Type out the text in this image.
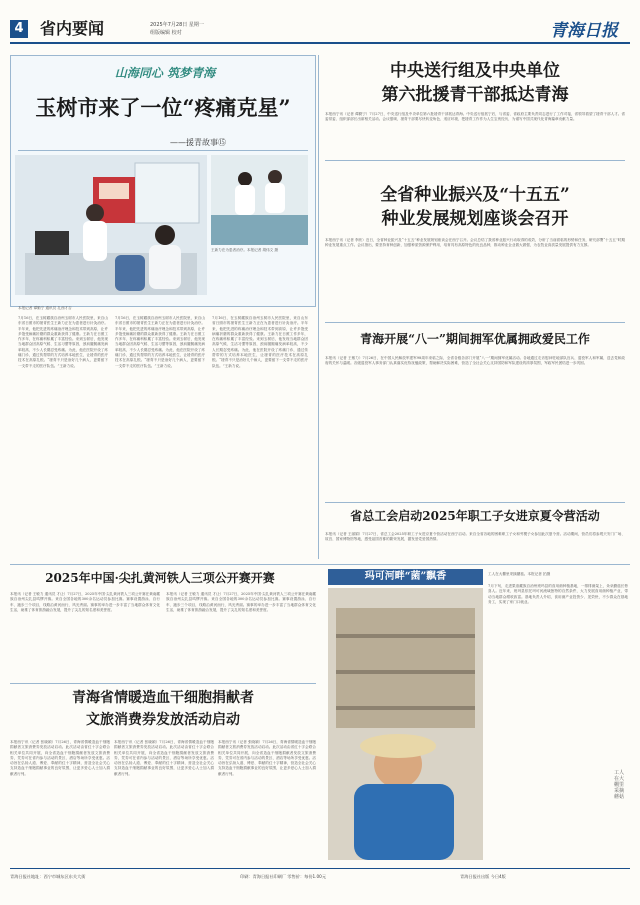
4 省内要闻	2025年7月28日 星期一
组版编辑 校对	青海日报
山海同心 筑梦青海
玉树市来了一位“疼痛克星”
——援青故事⑮
王新力在为患者治疗。本报记者 胡伟文 摄
本报记者 谭勤宁 通讯员 扎西才吉
7月16日，在玉树藏族自治州玉树市人民医院里，来自山东省日照市的援青医生王新力正在为患者进行针灸治疗。半年来，他把先进的疼痛治疗理念和技术带到高原，让许多饱受病痛折磨的群众重新获得了健康。王新力在日照工作多年，在疼痛科积累了丰富经验。来到玉树后，他发现当地群众因高原气候、生活习惯等原因，颈肩腰腿痛发病率较高，不少人长期忍受疼痛。为此，他在医院开设了疼痛门诊，通过传帮带的方式培养本地医生，让援青的医疗技术在高原扎根。“援青不只是治好几个病人，更要留下一支带不走的医疗队伍。”王新力说。
7月16日，在玉树藏族自治州玉树市人民医院里，来自山东省日照市的援青医生王新力正在为患者进行针灸治疗。半年来，他把先进的疼痛治疗理念和技术带到高原，让许多饱受病痛折磨的群众重新获得了健康。王新力在日照工作多年，在疼痛科积累了丰富经验。来到玉树后，他发现当地群众因高原气候、生活习惯等原因，颈肩腰腿痛发病率较高，不少人长期忍受疼痛。为此，他在医院开设了疼痛门诊，通过传帮带的方式培养本地医生，让援青的医疗技术在高原扎根。“援青不只是治好几个病人，更要留下一支带不走的医疗队伍。”王新力说。
7月16日，在玉树藏族自治州玉树市人民医院里，来自山东省日照市的援青医生王新力正在为患者进行针灸治疗。半年来，他把先进的疼痛治疗理念和技术带到高原，让许多饱受病痛折磨的群众重新获得了健康。王新力在日照工作多年，在疼痛科积累了丰富经验。来到玉树后，他发现当地群众因高原气候、生活习惯等原因，颈肩腰腿痛发病率较高，不少人长期忍受疼痛。为此，他在医院开设了疼痛门诊，通过传帮带的方式培养本地医生，让援青的医疗技术在高原扎根。“援青不只是治好几个病人，更要留下一支带不走的医疗队伍。”王新力说。
中央送行组及中央单位
第六批援青干部抵达青海
本报西宁讯（记者 谭勤宁）7月27日，中央送行组及中央单位第六批援青干部抵达青海。中央送行组抵宁后，与省委、省政府主要负责同志进行了工作对接，省领导看望了援青干部人才。省委常委、组织部部长出席相关活动。会议强调，援青干部要尽快转变角色、适应环境，把援青工作作为人生宝贵经历，为谱写中国式现代化青海篇章贡献力量。
全省种业振兴及“十五五”
种业发展规划座谈会召开
本报西宁讯（记者 李欣）近日，全省种业振兴及“十五五”种业发展规划座谈会在西宁召开。会议总结了我省种业振兴行动取得的成效，分析了当前面临的形势和任务，研究部署“十五五”时期种业发展重点工作。会议指出，要坚持育种创新，加强种质资源保护利用，培育具有高原特色的优良品种，推动种业企业做大做强，为农牧业高质量发展提供有力支撑。
青海开展“八一”期间拥军优属拥政爱民工作
本报讯（记者 王敏力）7月26日，在中国人民解放军建军98周年来临之际，全省各级各部门开展“八一”期间拥军优属活动。各地通过走访慰问驻地部队官兵、退役军人和军属，送去党和政府的关怀与温暖。各级退役军人事务部门认真落实优待抚恤政策，帮助解决实际困难，营造了全社会关心支持国防和军队建设的浓厚氛围，军政军民团结进一步巩固。
省总工会启动2025年职工子女进京夏令营活动
本报讯（记者 王丽娟）7月27日，省总工会2025年职工子女进京夏令营活动在西宁启动。来自全省各地的困难职工子女和劳模子女参加此次夏令营。活动期间，营员们将参观天安门广场、故宫、国家博物馆等地，感受祖国首都的繁荣发展，激发爱党爱国热情。
2025年中国·尖扎黄河铁人三项公开赛开赛
本报讯（记者 王敏力 通讯员 才让）7月27日，2025年中国·尖扎黄河铁人三项公开赛在黄南藏族自治州尖扎县鸣锣开赛。来自全国各地的300余名运动员参加比赛。赛事设置游泳、自行车、跑步三个项目，线路沿黄河而行，风光秀丽。赛事的举办进一步丰富了当地群众体育文化生活，助推了体育旅游融合发展，提升了尖扎的知名度和美誉度。
本报讯（记者 王敏力 通讯员 才让）7月27日，2025年中国·尖扎黄河铁人三项公开赛在黄南藏族自治州尖扎县鸣锣开赛。来自全国各地的300余名运动员参加比赛。赛事设置游泳、自行车、跑步三个项目，线路沿黄河而行，风光秀丽。赛事的举办进一步丰富了当地群众体育文化生活，助推了体育旅游融合发展，提升了尖扎的知名度和美誉度。
青海省情暖造血干细胞捐献者
文旅消费券发放活动启动
本报西宁讯（记者 张晓颖）7月26日，青海省情暖造血干细胞捐献者文旅消费券发放活动启动。此次活动由省红十字会联合相关单位共同开展，向全省造血干细胞捐献者发放文旅消费券，凭券可在省内参与活动的景区、酒店等场所享受优惠。活动旨在弘扬人道、博爱、奉献的红十字精神，营造全社会关心支持造血干细胞捐献事业的良好氛围，让更多爱心人士加入捐献者行列。
本报西宁讯（记者 张晓颖）7月26日，青海省情暖造血干细胞捐献者文旅消费券发放活动启动。此次活动由省红十字会联合相关单位共同开展，向全省造血干细胞捐献者发放文旅消费券，凭券可在省内参与活动的景区、酒店等场所享受优惠。活动旨在弘扬人道、博爱、奉献的红十字精神，营造全社会关心支持造血干细胞捐献事业的良好氛围，让更多爱心人士加入捐献者行列。
本报西宁讯（记者 张晓颖）7月26日，青海省情暖造血干细胞捐献者文旅消费券发放活动启动。此次活动由省红十字会联合相关单位共同开展，向全省造血干细胞捐献者发放文旅消费券，凭券可在省内参与活动的景区、酒店等场所享受优惠。活动旨在弘扬人道、博爱、奉献的红十字精神，营造全社会关心支持造血干细胞捐献事业的良好氛围，让更多爱心人士加入捐献者行列。
玛可河畔“菌”飘香	工人在大棚里采摘蘑菇。本报记者 拍摄
7月下旬，走进果洛藏族自治州班玛县的食用菌种植基地，一排排菌架上，朵朵蘑菇长势喜人。近年来，班玛县依托玛可河流域独特的自然条件，大力发展食用菌种植产业，带动当地群众增收致富。基地负责人介绍，食用菌产业投资少、见效快，不少群众在基地务工，实现了家门口就业。
工人在大棚里采摘蘑菇
青海日报社地址：西宁市城东区东关大街	印刷：青海日报社印刷厂 零售价：每份1.00元	青海日报社出版 今日4版
